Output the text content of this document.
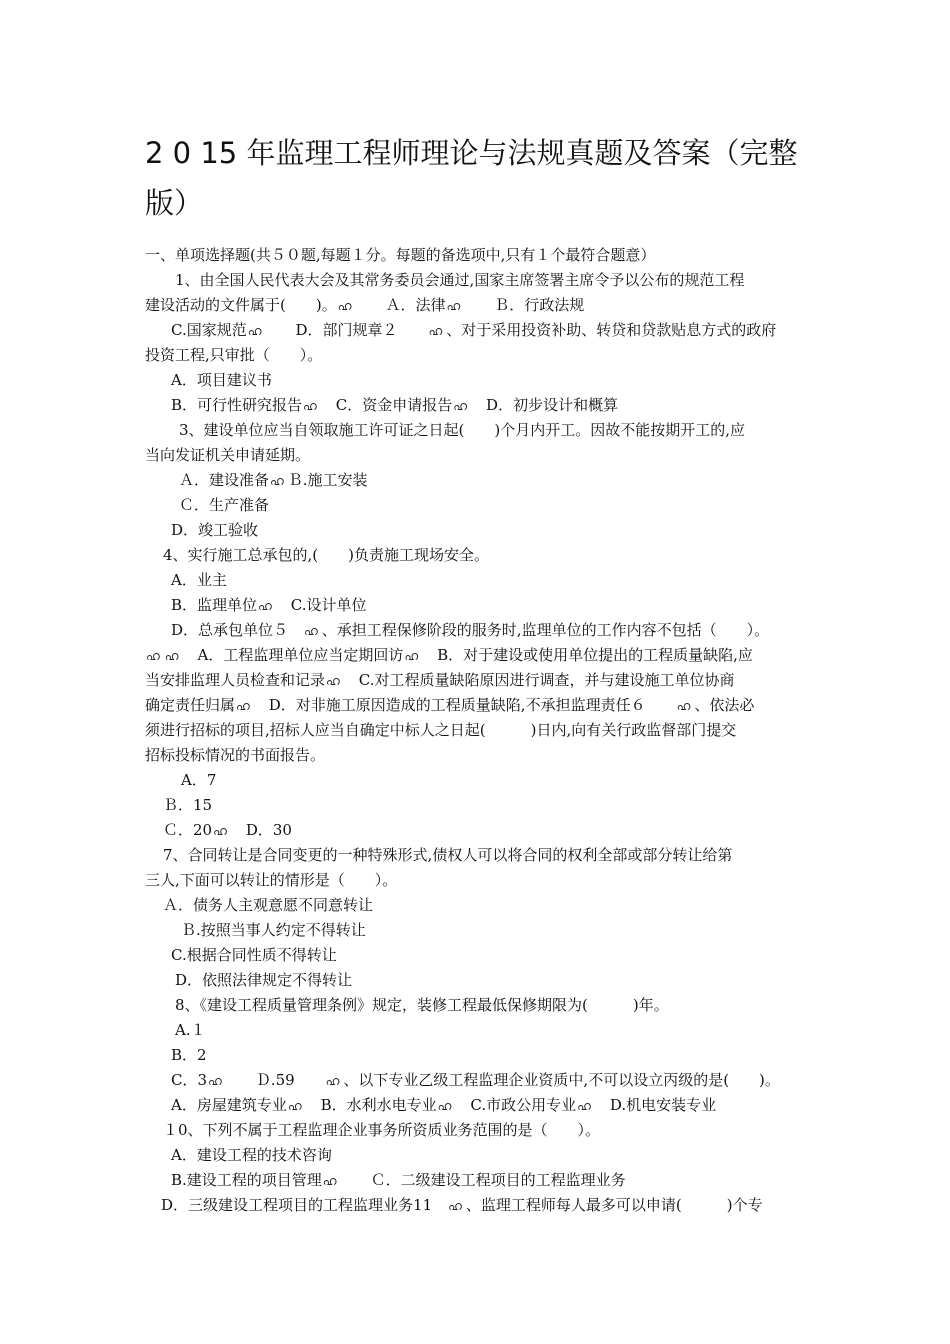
2 0 15 年监理工程师理论与法规真题及答案（完整版）
一、单项选择题(共５０题,每题１分。每题的备选项中,只有１个最符合题意）
1、由全国人民代表大会及其常务委员会通过,国家主席签署主席令予以公布的规范工程
建设活动的文件属于(　　)。ഹ　　Ａ．法律ഹ　　Ｂ．行政法规
C.国家规范ഹ　　D．部门规章２　　ഹ 、对于采用投资补助、转贷和贷款贴息方式的政府
投资工程,只审批（　　）。
A．项目建议书
B．可行性研究报告ഹ　C．资金申请报告ഹ　D．初步设计和概算
3、建设单位应当自领取施工许可证之日起(　　)个月内开工。因故不能按期开工的,应
当向发证机关申请延期。
Ａ．建设准备ഹ Ｂ.施工安装
Ｃ．生产准备
D．竣工验收
4、实行施工总承包的,(　　)负责施工现场安全。
A．业主
B．监理单位ഹ　C.设计单位
D．总承包单位５　ഹ 、承担工程保修阶段的服务时,监理单位的工作内容不包括（　　）。
ഹ ഹ　A．工程监理单位应当定期回访ഹ　B．对于建设或使用单位提出的工程质量缺陷,应
当安排监理人员检查和记录ഹ　C.对工程质量缺陷原因进行调查，并与建设施工单位协商
确定责任归属ഹ　D．对非施工原因造成的工程质量缺陷,不承担监理责任６　　ഹ 、依法必
须进行招标的项目,招标人应当自确定中标人之日起(　　　)日内,向有关行政监督部门提交
招标投标情况的书面报告。
A．7
Ｂ．15
Ｃ．20ഹ　D．30
7、合同转让是合同变更的一种特殊形式,债权人可以将合同的权利全部或部分转让给第
三人,下面可以转让的情形是（　　）。
Ａ．债务人主观意愿不同意转让
Ｂ.按照当事人约定不得转让
C.根据合同性质不得转让
D．依照法律规定不得转让
8、《建设工程质量管理条例》规定，装修工程最低保修期限为(　　　)年。
A.１
B．2
C．3ഹ　　Ｄ.59　　ഹ 、以下专业乙级工程监理企业资质中,不可以设立丙级的是(　　)。
A．房屋建筑专业ഹ　B．水利水电专业ഹ　C.市政公用专业ഹ　D.机电安装专业
１0、下列不属于工程监理企业事务所资质业务范围的是（　　）。
A．建设工程的技术咨询
B.建设工程的项目管理ഹ　　Ｃ．二级建设工程项目的工程监理业务
D．三级建设工程项目的工程监理业务11　ഹ 、监理工程师每人最多可以申请(　　　)个专
